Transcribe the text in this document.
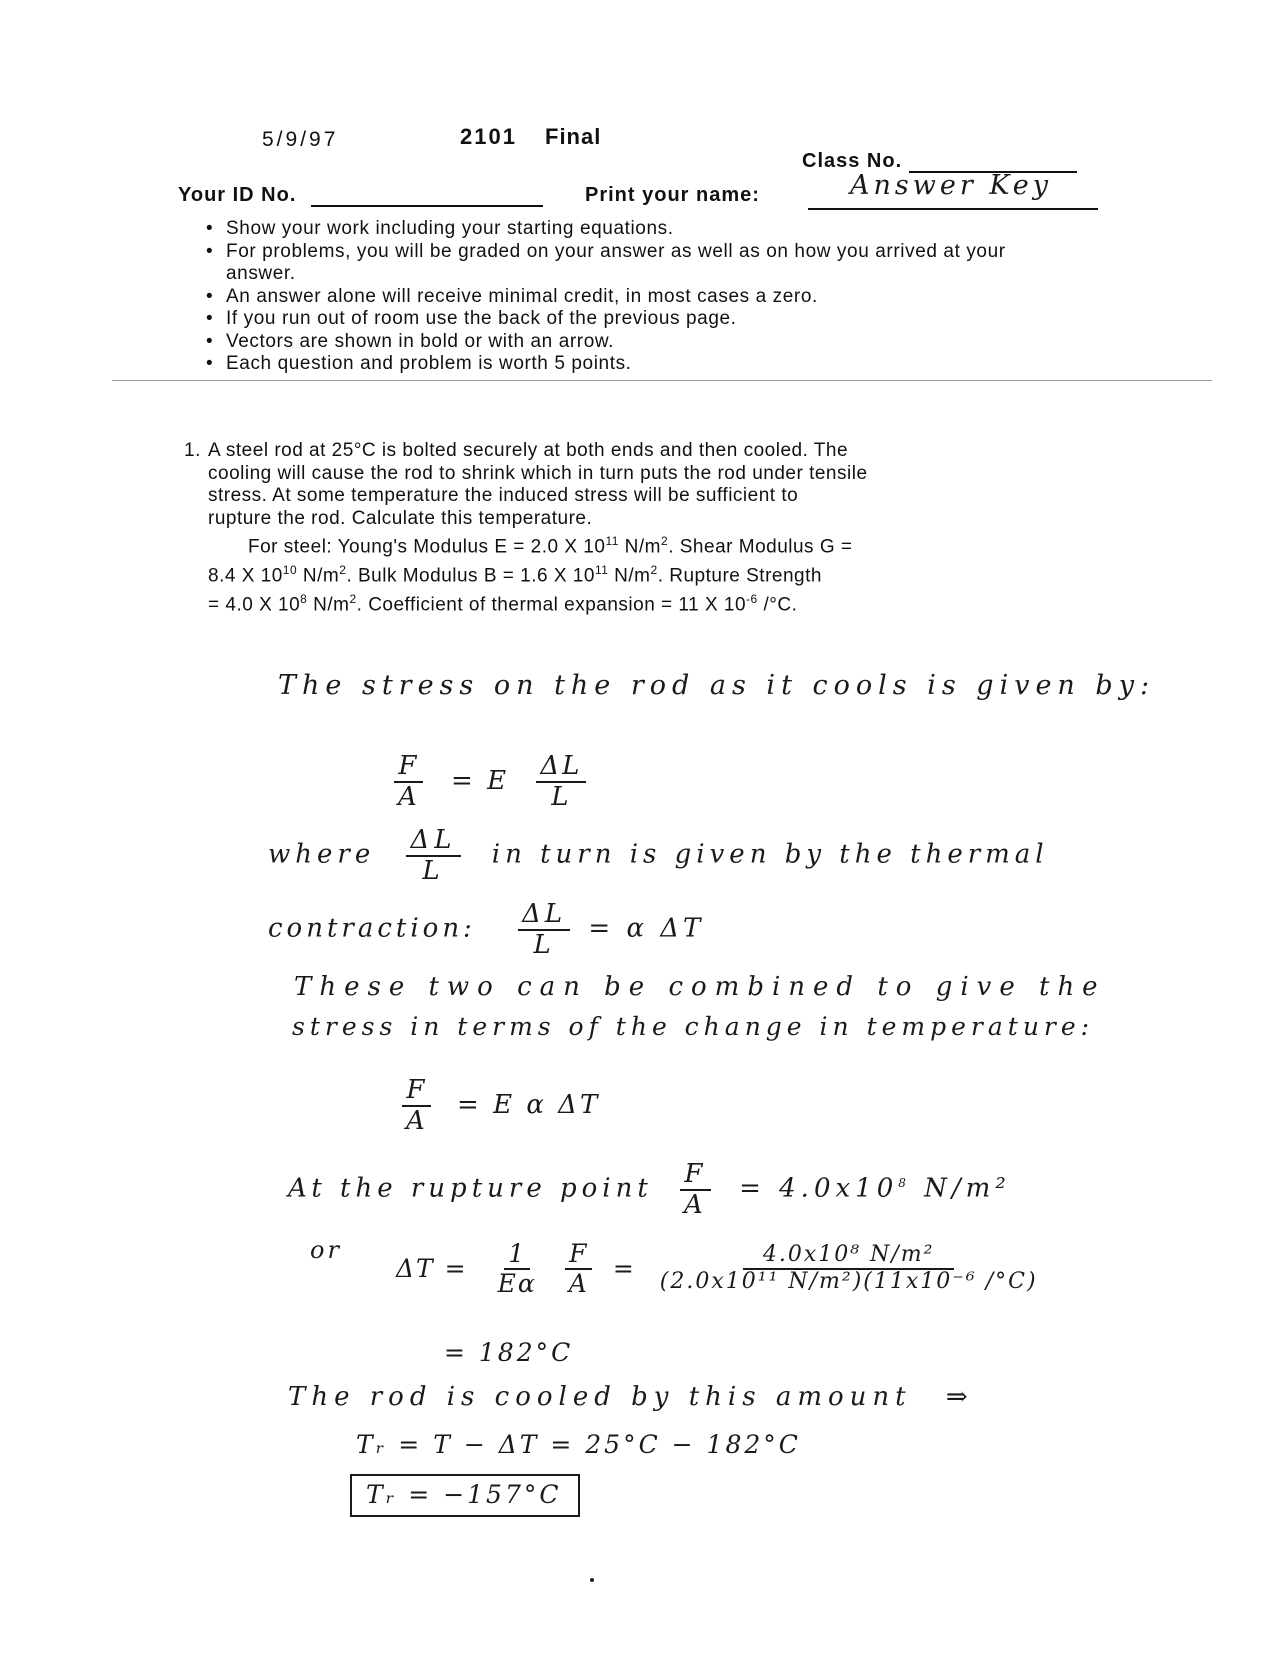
5/9/97	2101 Final
Class No.
Your ID No.	Print your name:	Answer Key
• Show your work including your starting equations.
• For problems, you will be graded on your answer as well as on how you arrived at your answer.
• An answer alone will receive minimal credit, in most cases a zero.
• If you run out of room use the back of the previous page.
• Vectors are shown in bold or with an arrow.
• Each question and problem is worth 5 points.
1. A steel rod at 25°C is bolted securely at both ends and then cooled. The
cooling will cause the rod to shrink which in turn puts the rod under tensile
stress. At some temperature the induced stress will be sufficient to
rupture the rod. Calculate this temperature.
For steel: Young's Modulus E = 2.0 X $10^{11}$ $N/m^2$. Shear Modulus G =
8.4 X $10^{10}$ $N/m^2$. Bulk Modulus B = 1.6 X $10^{11}$ $N/m^2$. Rupture Strength
= 4.0 X $10^8$ $N/m^2$. Coefficient of thermal expansion = 11 X $10^{-6}$ /°C.
The stress on the rod as it cools is given by:
$\frac{F}{A} = E \frac{\Delta L}{L}$
where $\frac{\Delta L}{L}$ in turn is given by the thermal
contraction: $\frac{\Delta L}{L} = \alpha$ ΔT
These two can be combined to give the
stress in terms of the change in temperature:
$\frac{F}{A} = E$ α ΔT
At the rupture point $\frac{F}{A} = 4.0x10^8$ N/m²
or
$\Delta T = \frac{1}{E\alpha} \frac{F}{A} = \frac{\text{4.0x10⁸ N/m²}}{\text{(2.0x10¹¹ N/m²)(11x10⁻⁶ /°C)}}$
= 182°C
The rod is cooled by this amount ⇒
Tᵣ = T − ΔT = 25°C − 182°C
Tᵣ = −157°C
